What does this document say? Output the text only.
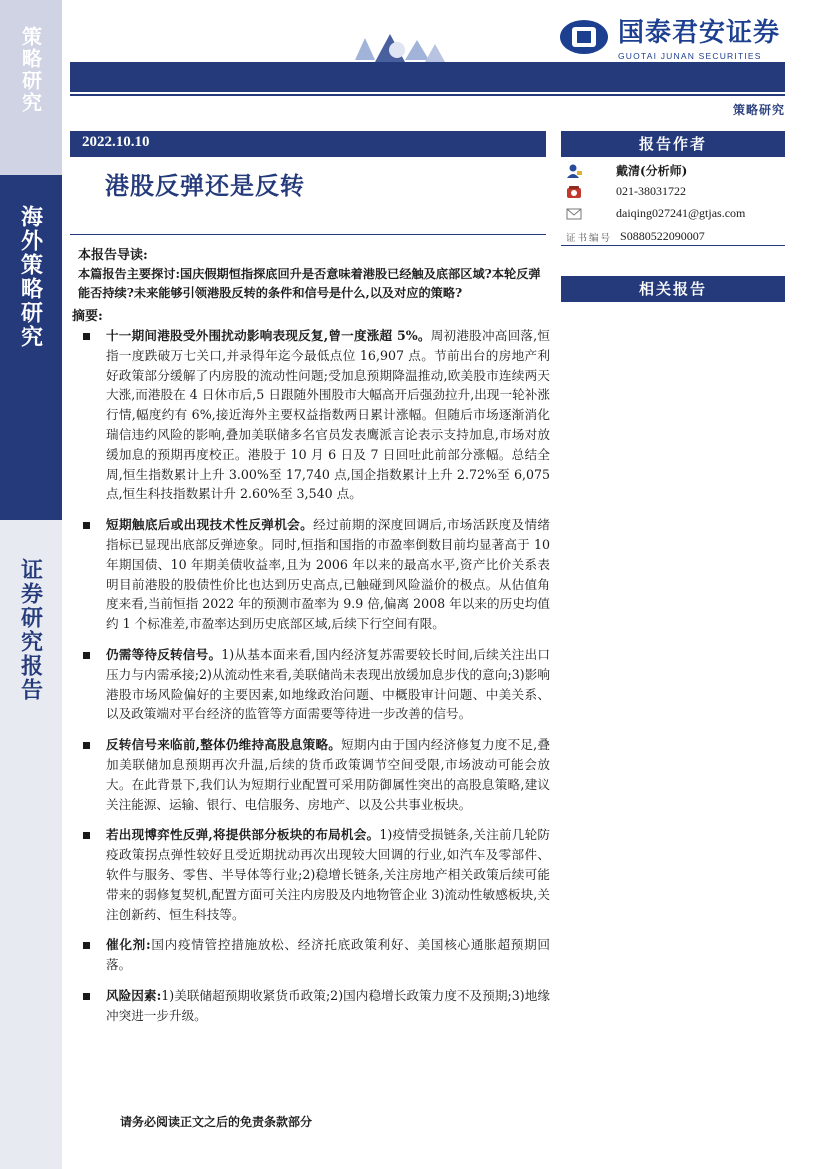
策略研究
海外策略研究
证券研究报告
国泰君安证券
GUOTAI JUNAN SECURITIES
策略研究
2022.10.10
港股反弹还是反转
报告作者
戴清(分析师)
021-38031722
daiqing027241@gtjas.com
证书编号 S0880522090007
相关报告
本报告导读:
本篇报告主要探讨:国庆假期恒指探底回升是否意味着港股已经触及底部区域?本轮反弹能否持续?未来能够引领港股反转的条件和信号是什么,以及对应的策略?
摘要:
十一期间港股受外围扰动影响表现反复,曾一度涨超 5%。周初港股冲高回落,恒指一度跌破万七关口,并录得年迄今最低点位 16,907 点。节前出台的房地产利好政策部分缓解了内房股的流动性问题;受加息预期降温推动,欧美股市连续两天大涨,而港股在 4 日休市后,5 日跟随外围股市大幅高开后强劲拉升,出现一轮补涨行情,幅度约有 6%,接近海外主要权益指数两日累计涨幅。但随后市场逐渐消化瑞信违约风险的影响,叠加美联储多名官员发表鹰派言论表示支持加息,市场对放缓加息的预期再度校正。港股于 10 月 6 日及 7 日回吐此前部分涨幅。总结全周,恒生指数累计上升 3.00%至 17,740 点,国企指数累计上升 2.72%至 6,075 点,恒生科技指数累计升 2.60%至 3,540 点。
短期触底后或出现技术性反弹机会。经过前期的深度回调后,市场活跃度及情绪指标已显现出底部反弹迹象。同时,恒指和国指的市盈率倒数目前均显著高于 10 年期国债、10 年期美债收益率,且为 2006 年以来的最高水平,资产比价关系表明目前港股的股债性价比也达到历史高点,已触碰到风险溢价的极点。从估值角度来看,当前恒指 2022 年的预测市盈率为 9.9 倍,偏离 2008 年以来的历史均值约 1 个标准差,市盈率达到历史底部区域,后续下行空间有限。
仍需等待反转信号。1)从基本面来看,国内经济复苏需要较长时间,后续关注出口压力与内需承接;2)从流动性来看,美联储尚未表现出放缓加息步伐的意向;3)影响港股市场风险偏好的主要因素,如地缘政治问题、中概股审计问题、中美关系、以及政策端对平台经济的监管等方面需要等待进一步改善的信号。
反转信号来临前,整体仍维持高股息策略。短期内由于国内经济修复力度不足,叠加美联储加息预期再次升温,后续的货币政策调节空间受限,市场波动可能会放大。在此背景下,我们认为短期行业配置可采用防御属性突出的高股息策略,建议关注能源、运输、银行、电信服务、房地产、以及公共事业板块。
若出现博弈性反弹,将提供部分板块的布局机会。1)疫情受损链条,关注前几轮防疫政策拐点弹性较好且受近期扰动再次出现较大回调的行业,如汽车及零部件、软件与服务、零售、半导体等行业;2)稳增长链条,关注房地产相关政策后续可能带来的弱修复契机,配置方面可关注内房股及内地物管企业 3)流动性敏感板块,关注创新药、恒生科技等。
催化剂:国内疫情管控措施放松、经济托底政策利好、美国核心通胀超预期回落。
风险因素:1)美联储超预期收紧货币政策;2)国内稳增长政策力度不及预期;3)地缘冲突进一步升级。
请务必阅读正文之后的免责条款部分
